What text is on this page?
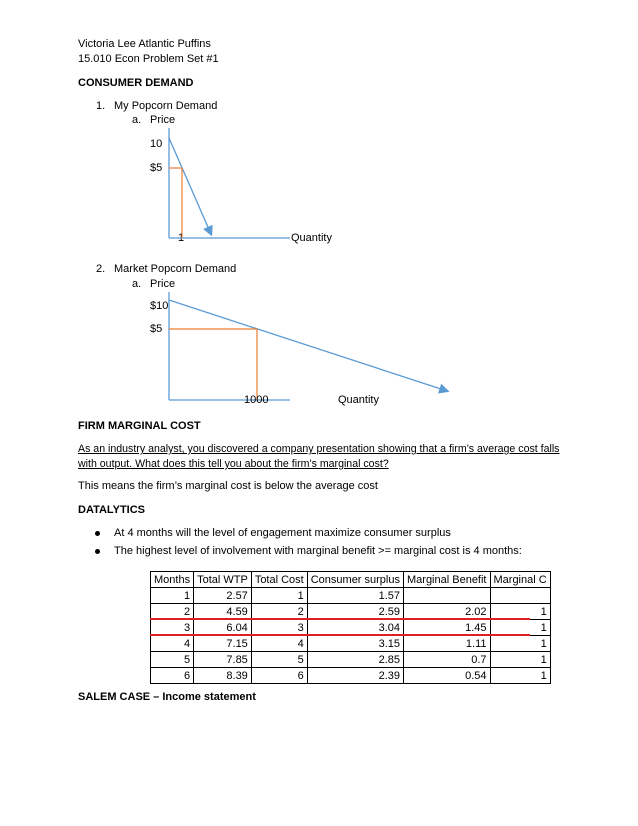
Victoria Lee Atlantic Puffins
15.010 Econ Problem Set #1
CONSUMER DEMAND
1. My Popcorn Demand
a. Price
10
$5
1	Quantity
2. Market Popcorn Demand
a. Price
$10
$5
1000	Quantity
FIRM MARGINAL COST
As an industry analyst, you discovered a company presentation showing that a firm’s average cost falls
with output. What does this tell you about the firm’s marginal cost?
This means the firm’s marginal cost is below the average cost
DATALYTICS
At 4 months will the level of engagement maximize consumer surplus
The highest level of involvement with marginal benefit >= marginal cost is 4 months:
Months	Total WTP	Total Cost	Consumer surplus	Marginal Benefit	Marginal C
1	2.57	1	1.57		
2	4.59	2	2.59	2.02	1
3	6.04	3	3.04	1.45	1
4	7.15	4	3.15	1.11	1
5	7.85	5	2.85	0.7	1
6	8.39	6	2.39	0.54	1
SALEM CASE – Income statement
